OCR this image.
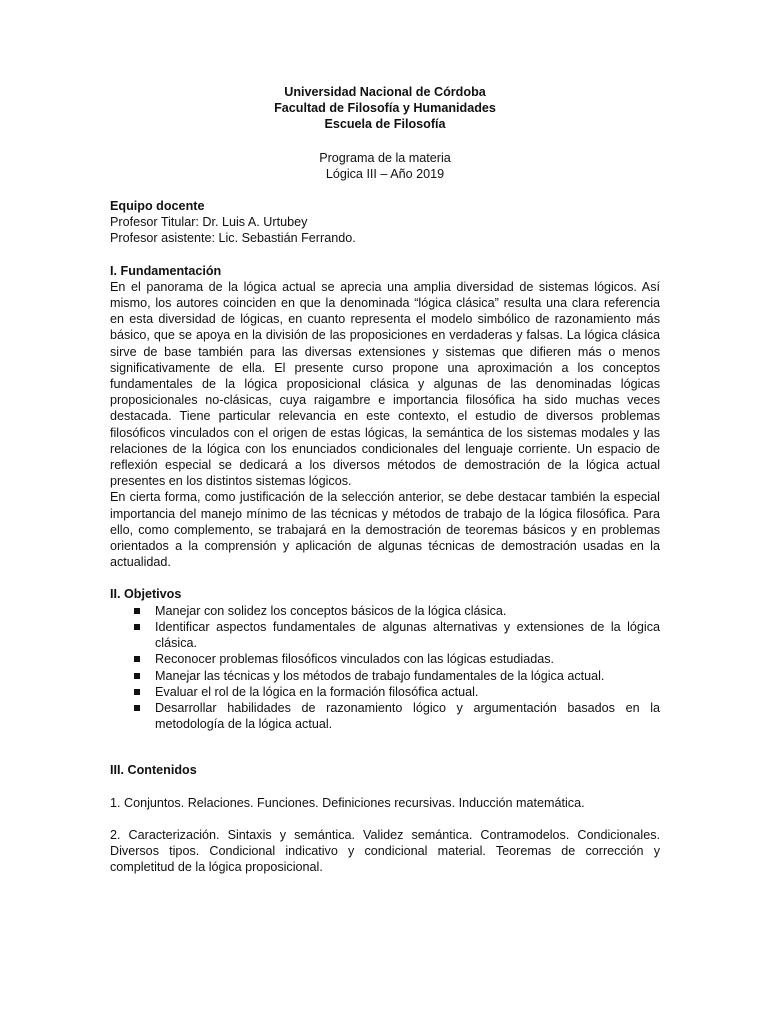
Universidad Nacional de Córdoba
Facultad de Filosofía y Humanidades
Escuela de Filosofía
Programa de la materia
Lógica III – Año 2019
Equipo docente
Profesor Titular: Dr. Luis A. Urtubey
Profesor asistente: Lic. Sebastián Ferrando.
I. Fundamentación

En el panorama de la lógica actual se aprecia una amplia diversidad de sistemas lógicos. Así mismo, los autores coinciden en que la denominada “lógica clásica” resulta una clara referencia en esta diversidad de lógicas, en cuanto representa el modelo simbólico de razonamiento más básico, que se apoya en la división de las proposiciones en verdaderas y falsas. La lógica clásica sirve de base también para las diversas extensiones y sistemas que difieren más o menos significativamente de ella. El presente curso propone una aproximación a los conceptos fundamentales de la lógica proposicional clásica y algunas de las denominadas lógicas proposicionales no-clásicas, cuya raigambre e importancia filosófica ha sido muchas veces destacada. Tiene particular relevancia en este contexto, el estudio de diversos problemas filosóficos vinculados con el origen de estas lógicas, la semántica de los sistemas modales y las relaciones de la lógica con los enunciados condicionales del lenguaje corriente. Un espacio de reflexión especial se dedicará a los diversos métodos de demostración de la lógica actual presentes en los distintos sistemas lógicos.

En cierta forma, como justificación de la selección anterior, se debe destacar también la especial importancia del manejo mínimo de las técnicas y métodos de trabajo de la lógica filosófica. Para ello, como complemento, se trabajará en la demostración de teoremas básicos y en problemas orientados a la comprensión y aplicación de algunas técnicas de demostración usadas en la actualidad.

II. Objetivos
Manejar con solidez los conceptos básicos de la lógica clásica.
Identificar aspectos fundamentales de algunas alternativas y extensiones de la lógica clásica.
Reconocer problemas filosóficos vinculados con las lógicas estudiadas.
Manejar las técnicas y los métodos de trabajo fundamentales de la lógica actual.
Evaluar el rol de la lógica en la formación filosófica actual.
Desarrollar habilidades de razonamiento lógico y argumentación basados en la metodología de la lógica actual.
III. Contenidos

1. Conjuntos. Relaciones. Funciones. Definiciones recursivas. Inducción matemática.

2. Caracterización. Sintaxis y semántica. Validez semántica. Contramodelos. Condicionales. Diversos tipos. Condicional indicativo y condicional material. Teoremas de corrección y completitud de la lógica proposicional.
